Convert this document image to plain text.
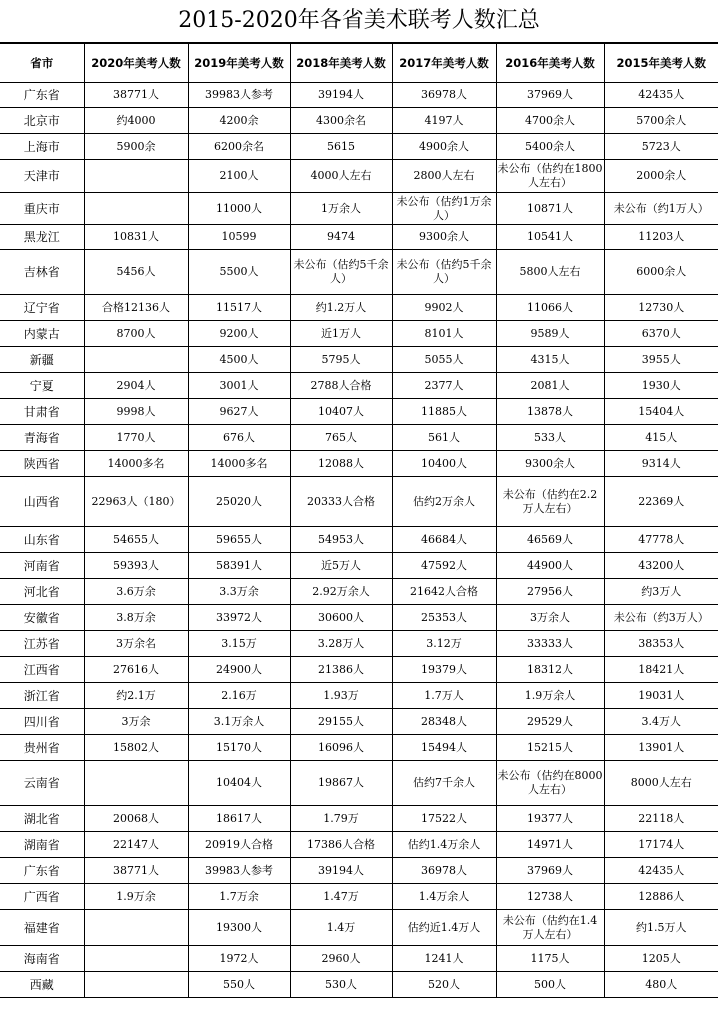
2015-2020年各省美术联考人数汇总
省市	2020年美考人数	2019年美考人数	2018年美考人数	2017年美考人数	2016年美考人数	2015年美考人数
广东省	38771人	39983人参考	39194人	36978人	37969人	42435人
北京市	约4000	4200余	4300余名	4197人	4700余人	5700余人
上海市	5900余	6200余名	5615	4900余人	5400余人	5723人
天津市		2100人	4000人左右	2800人左右	未公布（估约在1800人左右）	2000余人
重庆市		11000人	1万余人	未公布（估约1万余人）	10871人	未公布（约1万人）
黑龙江	10831人	10599	9474	9300余人	10541人	11203人
吉林省	5456人	5500人	未公布（估约5千余人）	未公布（估约5千余人）	5800人左右	6000余人
辽宁省	合格12136人	11517人	约1.2万人	9902人	11066人	12730人
内蒙古	8700人	9200人	近1万人	8101人	9589人	6370人
新疆		4500人	5795人	5055人	4315人	3955人
宁夏	2904人	3001人	2788人合格	2377人	2081人	1930人
甘肃省	9998人	9627人	10407人	11885人	13878人	15404人
青海省	1770人	676人	765人	561人	533人	415人
陕西省	14000多名	14000多名	12088人	10400人	9300余人	9314人
山西省	22963人（180）	25020人	20333人合格	估约2万余人	未公布（估约在2.2万人左右）	22369人
山东省	54655人	59655人	54953人	46684人	46569人	47778人
河南省	59393人	58391人	近5万人	47592人	44900人	43200人
河北省	3.6万余	3.3万余	2.92万余人	21642人合格	27956人	约3万人
安徽省	3.8万余	33972人	30600人	25353人	3万余人	未公布（约3万人）
江苏省	3万余名	3.15万	3.28万人	3.12万	33333人	38353人
江西省	27616人	24900人	21386人	19379人	18312人	18421人
浙江省	约2.1万	2.16万	1.93万	1.7万人	1.9万余人	19031人
四川省	3万余	3.1万余人	29155人	28348人	29529人	3.4万人
贵州省	15802人	15170人	16096人	15494人	15215人	13901人
云南省		10404人	19867人	估约7千余人	未公布（估约在8000人左右）	8000人左右
湖北省	20068人	18617人	1.79万	17522人	19377人	22118人
湖南省	22147人	20919人合格	17386人合格	估约1.4万余人	14971人	17174人
广东省	38771人	39983人参考	39194人	36978人	37969人	42435人
广西省	1.9万余	1.7万余	1.47万	1.4万余人	12738人	12886人
福建省		19300人	1.4万	估约近1.4万人	未公布（估约在1.4万人左右）	约1.5万人
海南省		1972人	2960人	1241人	1175人	1205人
西藏		550人	530人	520人	500人	480人
